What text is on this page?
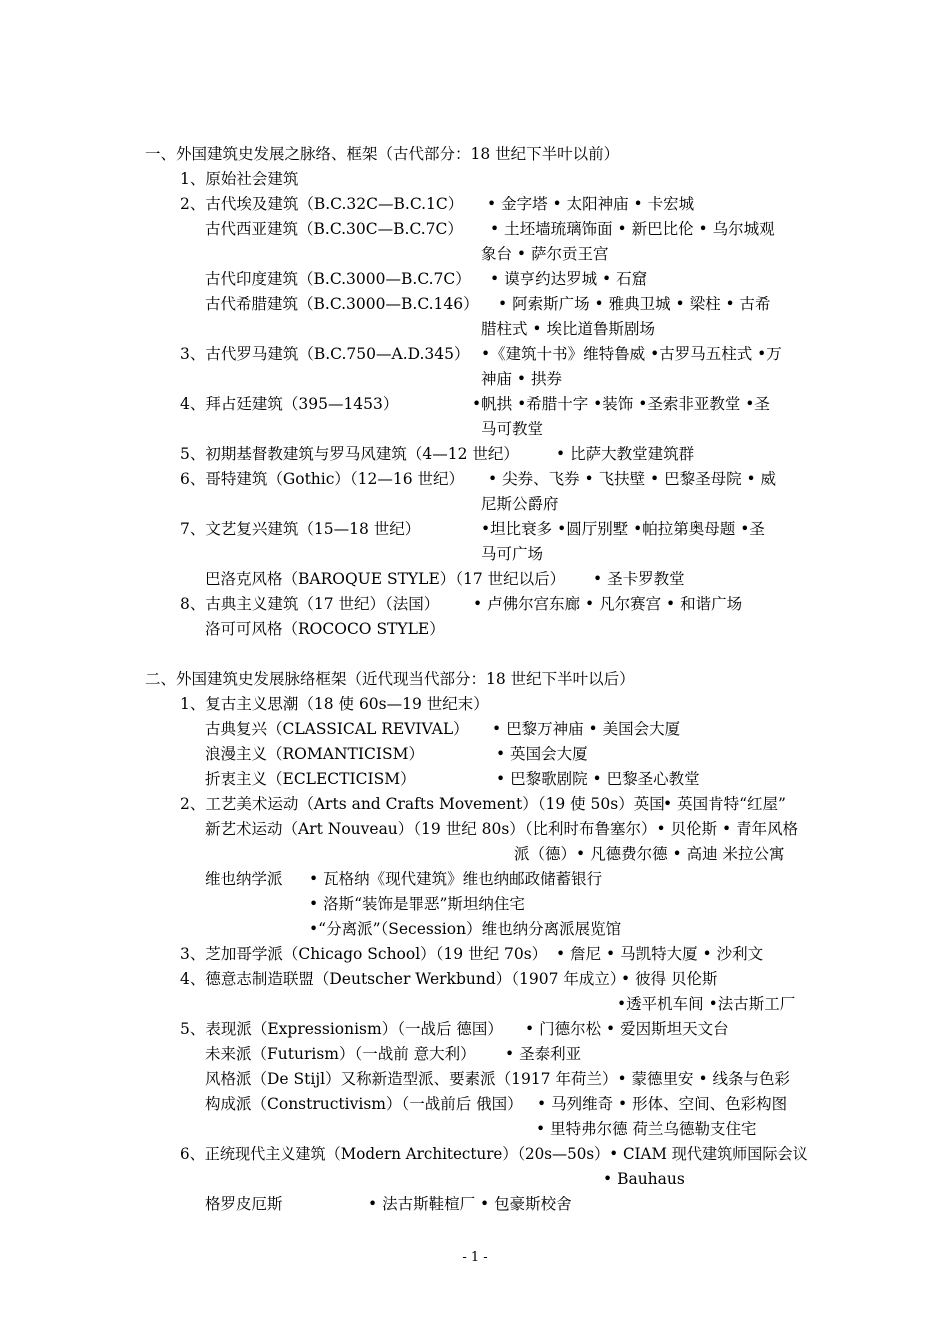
一、外国建筑史发展之脉络、框架（古代部分：18 世纪下半叶以前）
1、原始社会建筑
2、古代埃及建筑（B.C.32C—B.C.1C） • 金字塔 • 太阳神庙 • 卡宏城
古代西亚建筑（B.C.30C—B.C.7C） • 土坯墙琉璃饰面 • 新巴比伦 • 乌尔城观
象台 • 萨尔贡王宫
古代印度建筑（B.C.3000—B.C.7C） • 谟亨约达罗城 • 石窟
古代希腊建筑（B.C.3000—B.C.146） • 阿索斯广场 • 雅典卫城 • 梁柱 • 古希
腊柱式 • 埃比道鲁斯剧场
3、古代罗马建筑（B.C.750—A.D.345） •《建筑十书》维特鲁威 •古罗马五柱式 •万
神庙 • 拱券
4、拜占廷建筑（395—1453）	•帆拱 •希腊十字 •装饰 •圣索非亚教堂 •圣
马可教堂
5、初期基督教建筑与罗马风建筑（4—12 世纪） • 比萨大教堂建筑群
6、哥特建筑（Gothic）（12—16 世纪） • 尖券、飞券 • 飞扶壁 • 巴黎圣母院 • 威
尼斯公爵府
7、文艺复兴建筑（15—18 世纪）	•坦比衰多 •圆厅别墅 •帕拉第奥母题 •圣
马可广场
巴洛克风格（BAROQUE STYLE）（17 世纪以后） • 圣卡罗教堂
8、古典主义建筑（17 世纪）（法国） • 卢佛尔宫东廊 • 凡尔赛宫 • 和谐广场
洛可可风格（ROCOCO STYLE）
二、外国建筑史发展脉络框架（近代现当代部分：18 世纪下半叶以后）
1、复古主义思潮（18 使 60s—19 世纪末）
古典复兴（CLASSICAL REVIVAL） • 巴黎万神庙 • 美国会大厦
浪漫主义（ROMANTICISM）	• 英国会大厦
折衷主义（ECLECTICISM）	• 巴黎歌剧院 • 巴黎圣心教堂
2、工艺美术运动（Arts and Crafts Movement）（19 使 50s）英国
• 英国肯特“红屋”
新艺术运动（Art Nouveau）（19 世纪 80s）（比利时布鲁塞尔）• 贝伦斯 • 青年风格
派（德）• 凡德费尔德 • 高迪 米拉公寓
维也纳学派 • 瓦格纳《现代建筑》维也纳邮政储蓄银行
• 洛斯“装饰是罪恶”斯坦纳住宅
•“分离派”（Secession）维也纳分离派展览馆
3、芝加哥学派（Chicago School）（19 世纪 70s） • 詹尼 • 马凯特大厦 • 沙利文
4、德意志制造联盟（Deutscher Werkbund）（1907 年成立）
• 彼得 贝伦斯
•透平机车间 •法古斯工厂
5、表现派（Expressionism）（一战后 德国） • 门德尔松 • 爱因斯坦天文台
未来派（Futurism）（一战前 意大利） • 圣泰利亚
风格派（De Stijl）又称新造型派、要素派（1917 年荷兰）• 蒙德里安 • 线条与色彩
构成派（Constructivism）（一战前后 俄国） • 马列维奇 • 形体、空间、色彩构图
• 里特弗尔德 荷兰乌德勒支住宅
6、正统现代主义建筑（Modern Architecture）（20s—50s）• CIAM 现代建筑师国际会议
• Bauhaus
格罗皮厄斯	• 法古斯鞋楦厂 • 包豪斯校舍
- 1 -
